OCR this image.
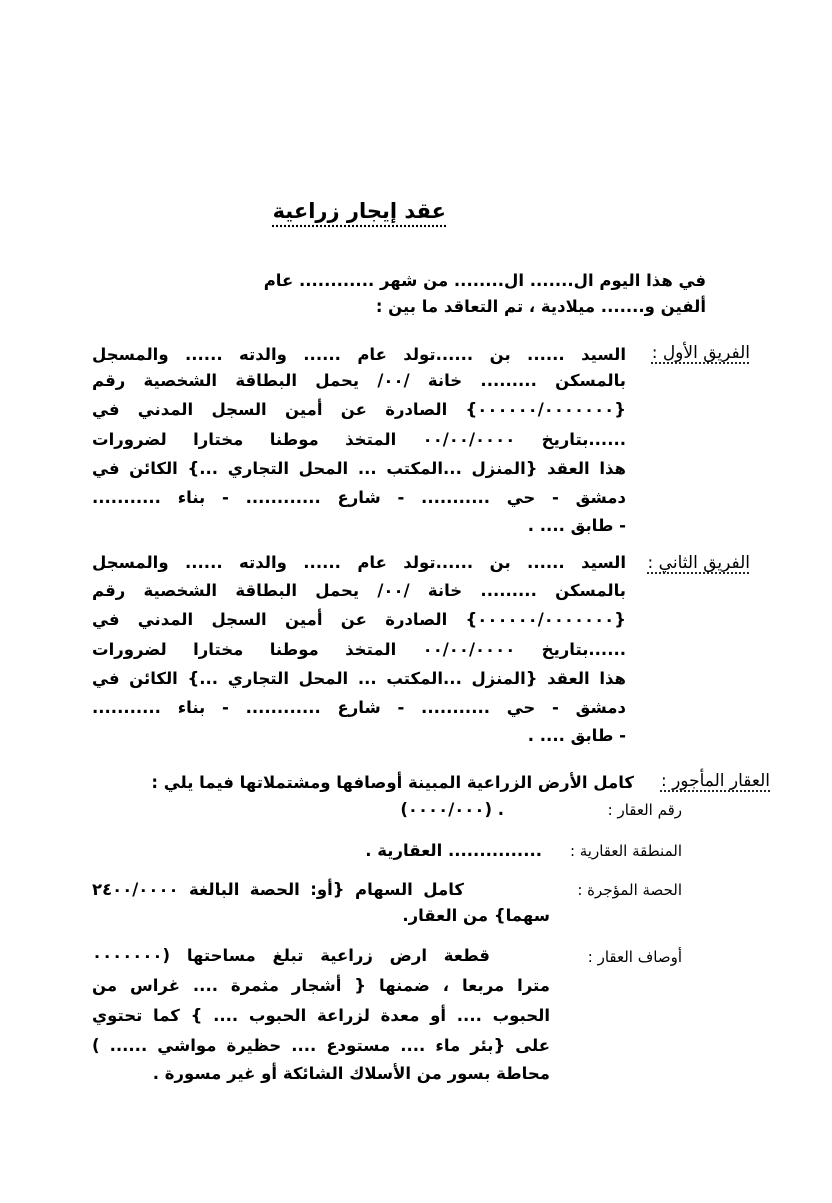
عقد إيجار زراعية

في هذا اليوم ال....... ال........ من شهر ............ عام

ألفين و....... ميلادية ، تم التعاقد ما بين :

الفريق الأول :

السيد ...... بن ......تولد عام ...... والدته ...... والمسجل

بالمسكن ......... خانة /٠٠/ يحمل البطاقة الشخصية رقم

{٠٠٠٠٠٠/٠٠٠٠٠٠٠} الصادرة عن أمين السجل المدني في

......بتاريخ ٠٠/٠٠/٠٠٠٠ المتخذ موطنا مختارا لضرورات

هذا العقد {المنزل ...المكتب ... المحل التجاري ...} الكائن في

دمشق - حي ........... - شارع ............ - بناء ...........

- طابق .... .

الفريق الثاني :

السيد ...... بن ......تولد عام ...... والدته ...... والمسجل

بالمسكن ......... خانة /٠٠/ يحمل البطاقة الشخصية رقم

{٠٠٠٠٠٠/٠٠٠٠٠٠٠} الصادرة عن أمين السجل المدني في

......بتاريخ ٠٠/٠٠/٠٠٠٠ المتخذ موطنا مختارا لضرورات

هذا العقد {المنزل ...المكتب ... المحل التجاري ...} الكائن في

دمشق - حي ........... - شارع ............ - بناء ...........

- طابق .... .

العقار المأجور :

كامل الأرض الزراعية المبينة أوصافها ومشتملاتها فيما يلي :

رقم العقار :

(٠٠٠٠/٠٠٠) .

المنطقة العقارية :

............... العقارية .

الحصة المؤجرة :

كامل السهام {أو: الحصة البالغة ٢٤٠٠/٠٠٠٠

سهما} من العقار.

أوصاف العقار :

قطعة ارض زراعية تبلغ مساحتها (٠٠٠٠٠٠٠

مترا مربعا ، ضمنها { أشجار مثمرة .... غراس من

الحبوب .... أو معدة لزراعة الحبوب .... } كما تحتوي

على {بئر ماء .... مستودع .... حظيرة مواشي ...... )

محاطة بسور من الأسلاك الشائكة أو غير مسورة .
